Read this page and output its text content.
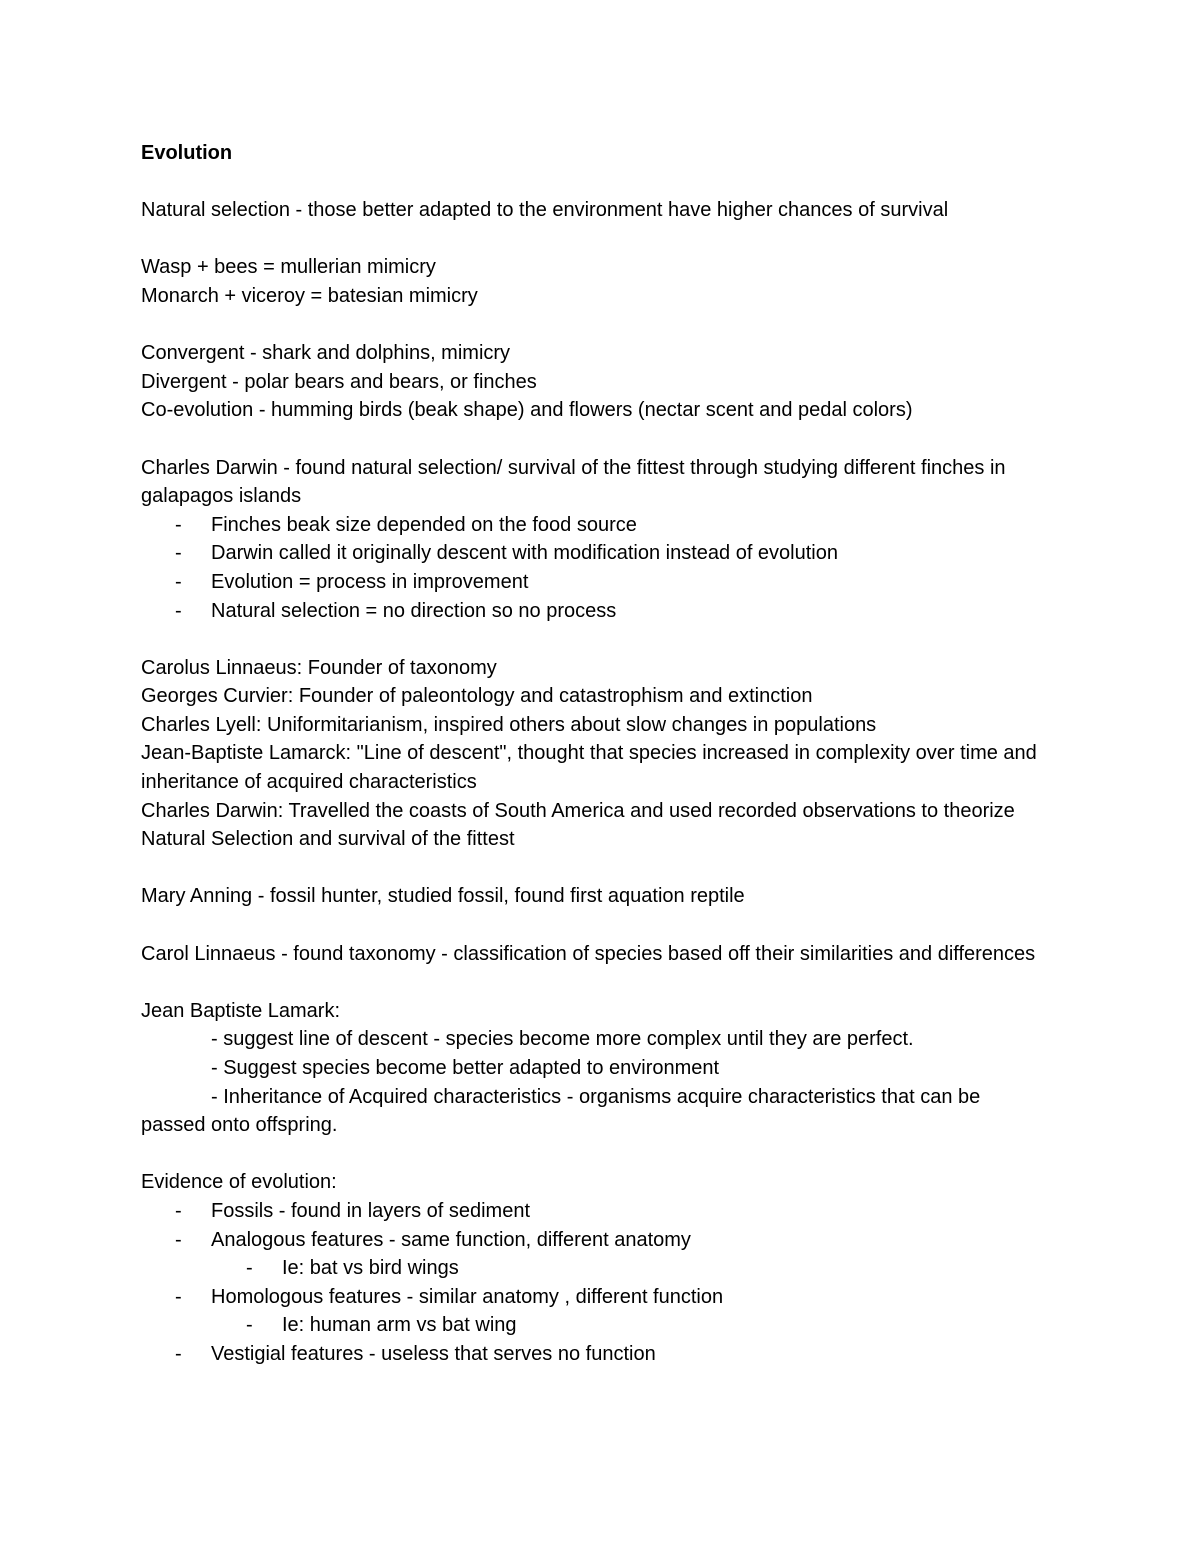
Evolution
Natural selection - those better adapted to the environment have higher chances of survival
Wasp + bees = mullerian mimicry
Monarch + viceroy = batesian mimicry
Convergent - shark and dolphins, mimicry
Divergent - polar bears and bears, or finches
Co-evolution - humming birds (beak shape) and flowers (nectar scent and pedal colors)
Charles Darwin - found natural selection/ survival of the fittest through studying different finches in galapagos islands
- Finches beak size depended on the food source
- Darwin called it originally descent with modification instead of evolution
- Evolution = process in improvement
- Natural selection = no direction so no process
Carolus Linnaeus: Founder of taxonomy
Georges Curvier: Founder of paleontology and catastrophism and extinction
Charles Lyell: Uniformitarianism, inspired others about slow changes in populations
Jean-Baptiste Lamarck: "Line of descent", thought that species increased in complexity over time and inheritance of acquired characteristics
Charles Darwin: Travelled the coasts of South America and used recorded observations to theorize Natural Selection and survival of the fittest
Mary Anning - fossil hunter, studied fossil, found first aquation reptile
Carol Linnaeus - found taxonomy - classification of species based off their similarities and differences
Jean Baptiste Lamark:
- suggest line of descent - species become more complex until they are perfect.
- Suggest species become better adapted to environment
- Inheritance of Acquired characteristics - organisms acquire characteristics that can be
passed onto offspring.
Evidence of evolution:
- Fossils - found in layers of sediment
- Analogous features - same function, different anatomy
- Ie: bat vs bird wings
- Homologous features - similar anatomy , different function
- Ie: human arm vs bat wing
- Vestigial features - useless that serves no function
